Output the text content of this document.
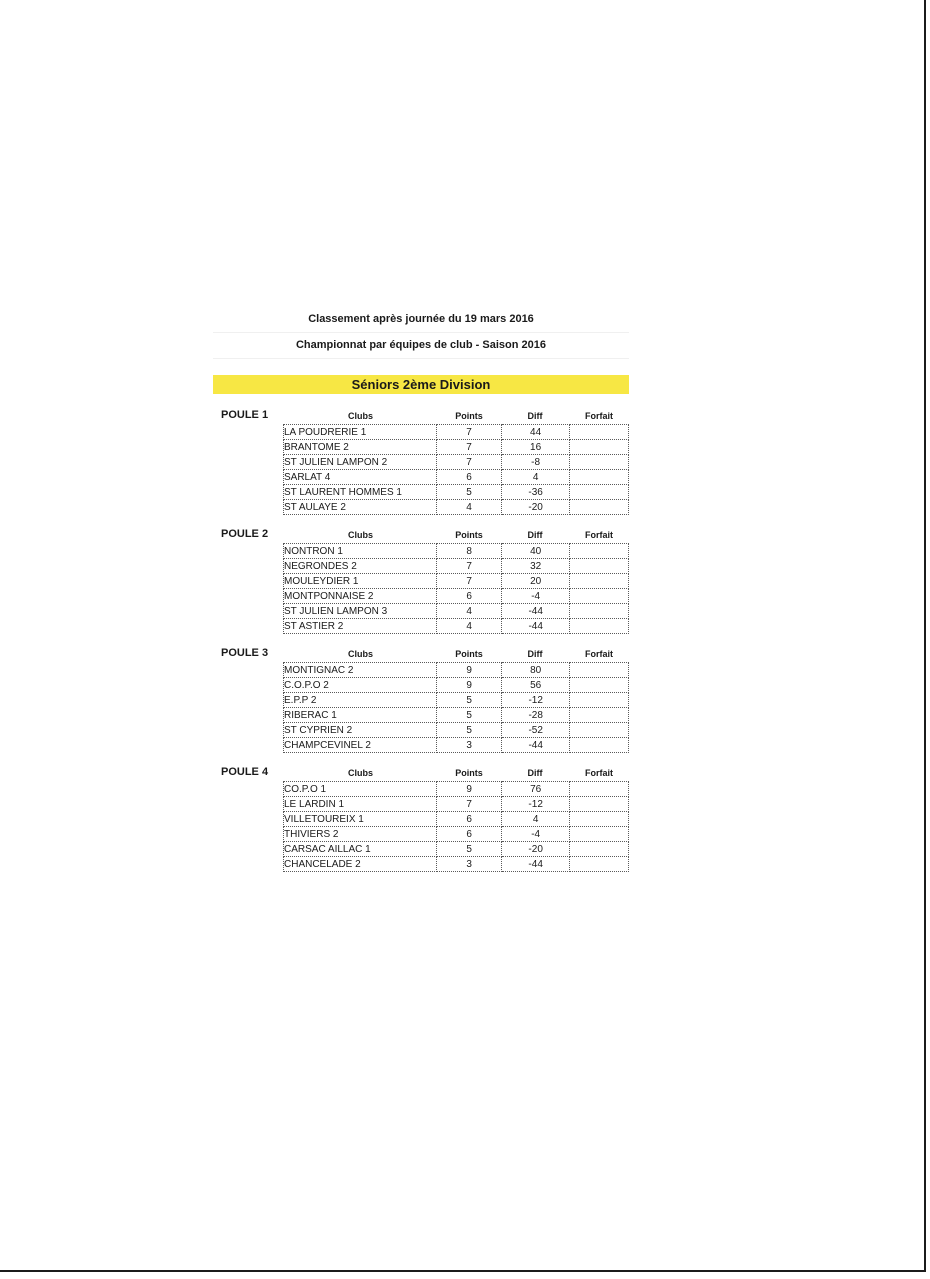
Classement après journée du 19 mars 2016
Championnat par équipes de club - Saison 2016
Séniors 2ème Division
POULE 1	Clubs	Points	Diff	Forfait
LA POUDRERIE 1	7	44	
BRANTOME 2	7	16	
ST JULIEN LAMPON 2	7	-8	
SARLAT 4	6	4	
ST LAURENT HOMMES 1	5	-36	
ST AULAYE 2	4	-20	
POULE 2	Clubs	Points	Diff	Forfait
NONTRON 1	8	40	
NEGRONDES 2	7	32	
MOULEYDIER 1	7	20	
MONTPONNAISE 2	6	-4	
ST JULIEN LAMPON 3	4	-44	
ST ASTIER 2	4	-44	
POULE 3	Clubs	Points	Diff	Forfait
MONTIGNAC 2	9	80	
C.O.P.O 2	9	56	
E.P.P 2	5	-12	
RIBERAC 1	5	-28	
ST CYPRIEN 2	5	-52	
CHAMPCEVINEL 2	3	-44	
POULE 4	Clubs	Points	Diff	Forfait
CO.P.O 1	9	76	
LE LARDIN 1	7	-12	
VILLETOUREIX 1	6	4	
THIVIERS 2	6	-4	
CARSAC AILLAC 1	5	-20	
CHANCELADE 2	3	-44	
